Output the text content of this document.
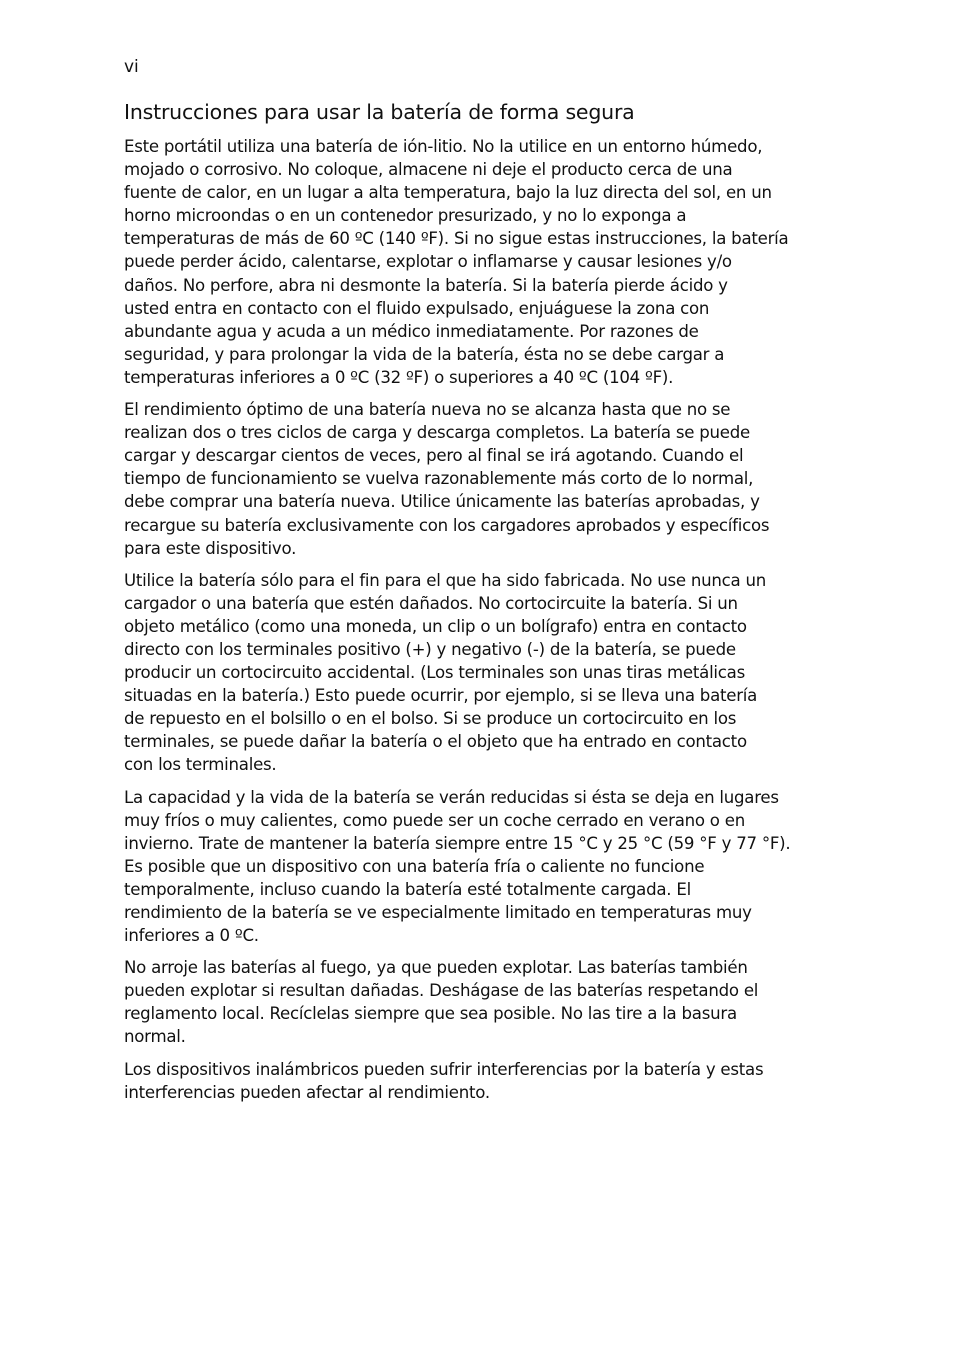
vi
Instrucciones para usar la batería de forma segura

Este portátil utiliza una batería de ión-litio. No la utilice en un entorno húmedo,
mojado o corrosivo. No coloque, almacene ni deje el producto cerca de una
fuente de calor, en un lugar a alta temperatura, bajo la luz directa del sol, en un
horno microondas o en un contenedor presurizado, y no lo exponga a
temperaturas de más de 60 ºC (140 ºF). Si no sigue estas instrucciones, la batería
puede perder ácido, calentarse, explotar o inflamarse y causar lesiones y/o
daños. No perfore, abra ni desmonte la batería. Si la batería pierde ácido y
usted entra en contacto con el fluido expulsado, enjuáguese la zona con
abundante agua y acuda a un médico inmediatamente. Por razones de
seguridad, y para prolongar la vida de la batería, ésta no se debe cargar a
temperaturas inferiores a 0 ºC (32 ºF) o superiores a 40 ºC (104 ºF).

El rendimiento óptimo de una batería nueva no se alcanza hasta que no se
realizan dos o tres ciclos de carga y descarga completos. La batería se puede
cargar y descargar cientos de veces, pero al final se irá agotando. Cuando el
tiempo de funcionamiento se vuelva razonablemente más corto de lo normal,
debe comprar una batería nueva. Utilice únicamente las baterías aprobadas, y
recargue su batería exclusivamente con los cargadores aprobados y específicos
para este dispositivo.

Utilice la batería sólo para el fin para el que ha sido fabricada. No use nunca un
cargador o una batería que estén dañados. No cortocircuite la batería. Si un
objeto metálico (como una moneda, un clip o un bolígrafo) entra en contacto
directo con los terminales positivo (+) y negativo (-) de la batería, se puede
producir un cortocircuito accidental. (Los terminales son unas tiras metálicas
situadas en la batería.) Esto puede ocurrir, por ejemplo, si se lleva una batería
de repuesto en el bolsillo o en el bolso. Si se produce un cortocircuito en los
terminales, se puede dañar la batería o el objeto que ha entrado en contacto
con los terminales.

La capacidad y la vida de la batería se verán reducidas si ésta se deja en lugares
muy fríos o muy calientes, como puede ser un coche cerrado en verano o en
invierno. Trate de mantener la batería siempre entre 15 °C y 25 °C (59 °F y 77 °F).
Es posible que un dispositivo con una batería fría o caliente no funcione
temporalmente, incluso cuando la batería esté totalmente cargada. El
rendimiento de la batería se ve especialmente limitado en temperaturas muy
inferiores a 0 ºC.

No arroje las baterías al fuego, ya que pueden explotar. Las baterías también
pueden explotar si resultan dañadas. Deshágase de las baterías respetando el
reglamento local. Recíclelas siempre que sea posible. No las tire a la basura
normal.

Los dispositivos inalámbricos pueden sufrir interferencias por la batería y estas
interferencias pueden afectar al rendimiento.
